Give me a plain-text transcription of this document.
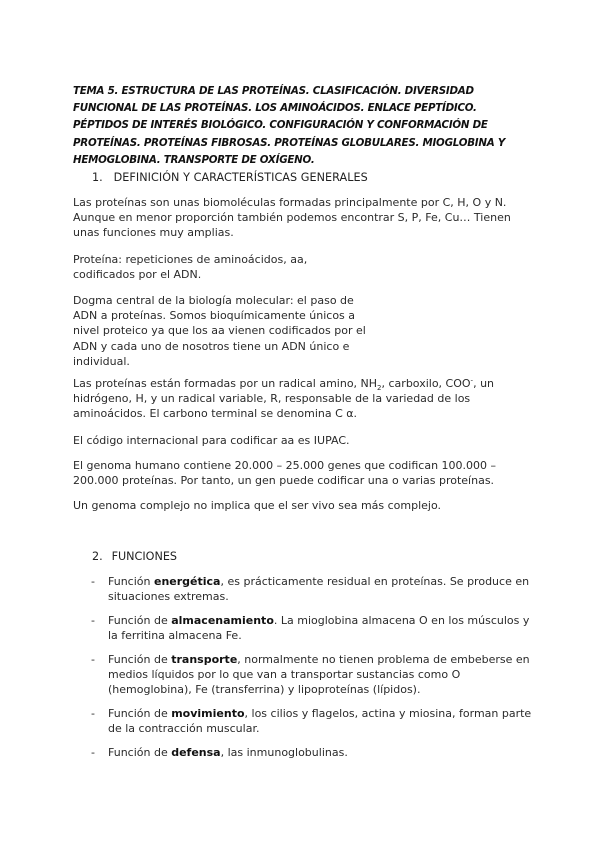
TEMA 5. ESTRUCTURA DE LAS PROTEÍNAS. CLASIFICACIÓN. DIVERSIDAD FUNCIONAL DE LAS PROTEÍNAS. LOS AMINOÁCIDOS. ENLACE PEPTÍDICO. PÉPTIDOS DE INTERÉS BIOLÓGICO. CONFIGURACIÓN Y CONFORMACIÓN DE PROTEÍNAS. PROTEÍNAS FIBROSAS. PROTEÍNAS GLOBULARES. MIOGLOBINA Y HEMOGLOBINA. TRANSPORTE DE OXÍGENO.
1. DEFINICIÓN Y CARACTERÍSTICAS GENERALES

Las proteínas son unas biomoléculas formadas principalmente por C, H, O y N. Aunque en menor proporción también podemos encontrar S, P, Fe, Cu… Tienen unas funciones muy amplias.

Proteína: repeticiones de aminoácidos, aa, codificados por el ADN.

Dogma central de la biología molecular: el paso de ADN a proteínas. Somos bioquímicamente únicos a nivel proteico ya que los aa vienen codificados por el ADN y cada uno de nosotros tiene un ADN único e individual.

Las proteínas están formadas por un radical amino, $NH_2$, carboxilo, COO-, un hidrógeno, H, y un radical variable, R, responsable de la variedad de los aminoácidos. El carbono terminal se denomina C α.

El código internacional para codificar aa es IUPAC.

El genoma humano contiene 20.000 – 25.000 genes que codifican 100.000 – 200.000 proteínas. Por tanto, un gen puede codificar una o varias proteínas.

Un genoma complejo no implica que el ser vivo sea más complejo.

2. FUNCIONES
- Función energética, es prácticamente residual en proteínas. Se produce en situaciones extremas.
- Función de almacenamiento. La mioglobina almacena O en los músculos y la ferritina almacena Fe.
- Función de transporte, normalmente no tienen problema de embeberse en medios líquidos por lo que van a transportar sustancias como O (hemoglobina), Fe (transferrina) y lipoproteínas (lípidos).
- Función de movimiento, los cilios y flagelos, actina y miosina, forman parte de la contracción muscular.
- Función de defensa, las inmunoglobulinas.
